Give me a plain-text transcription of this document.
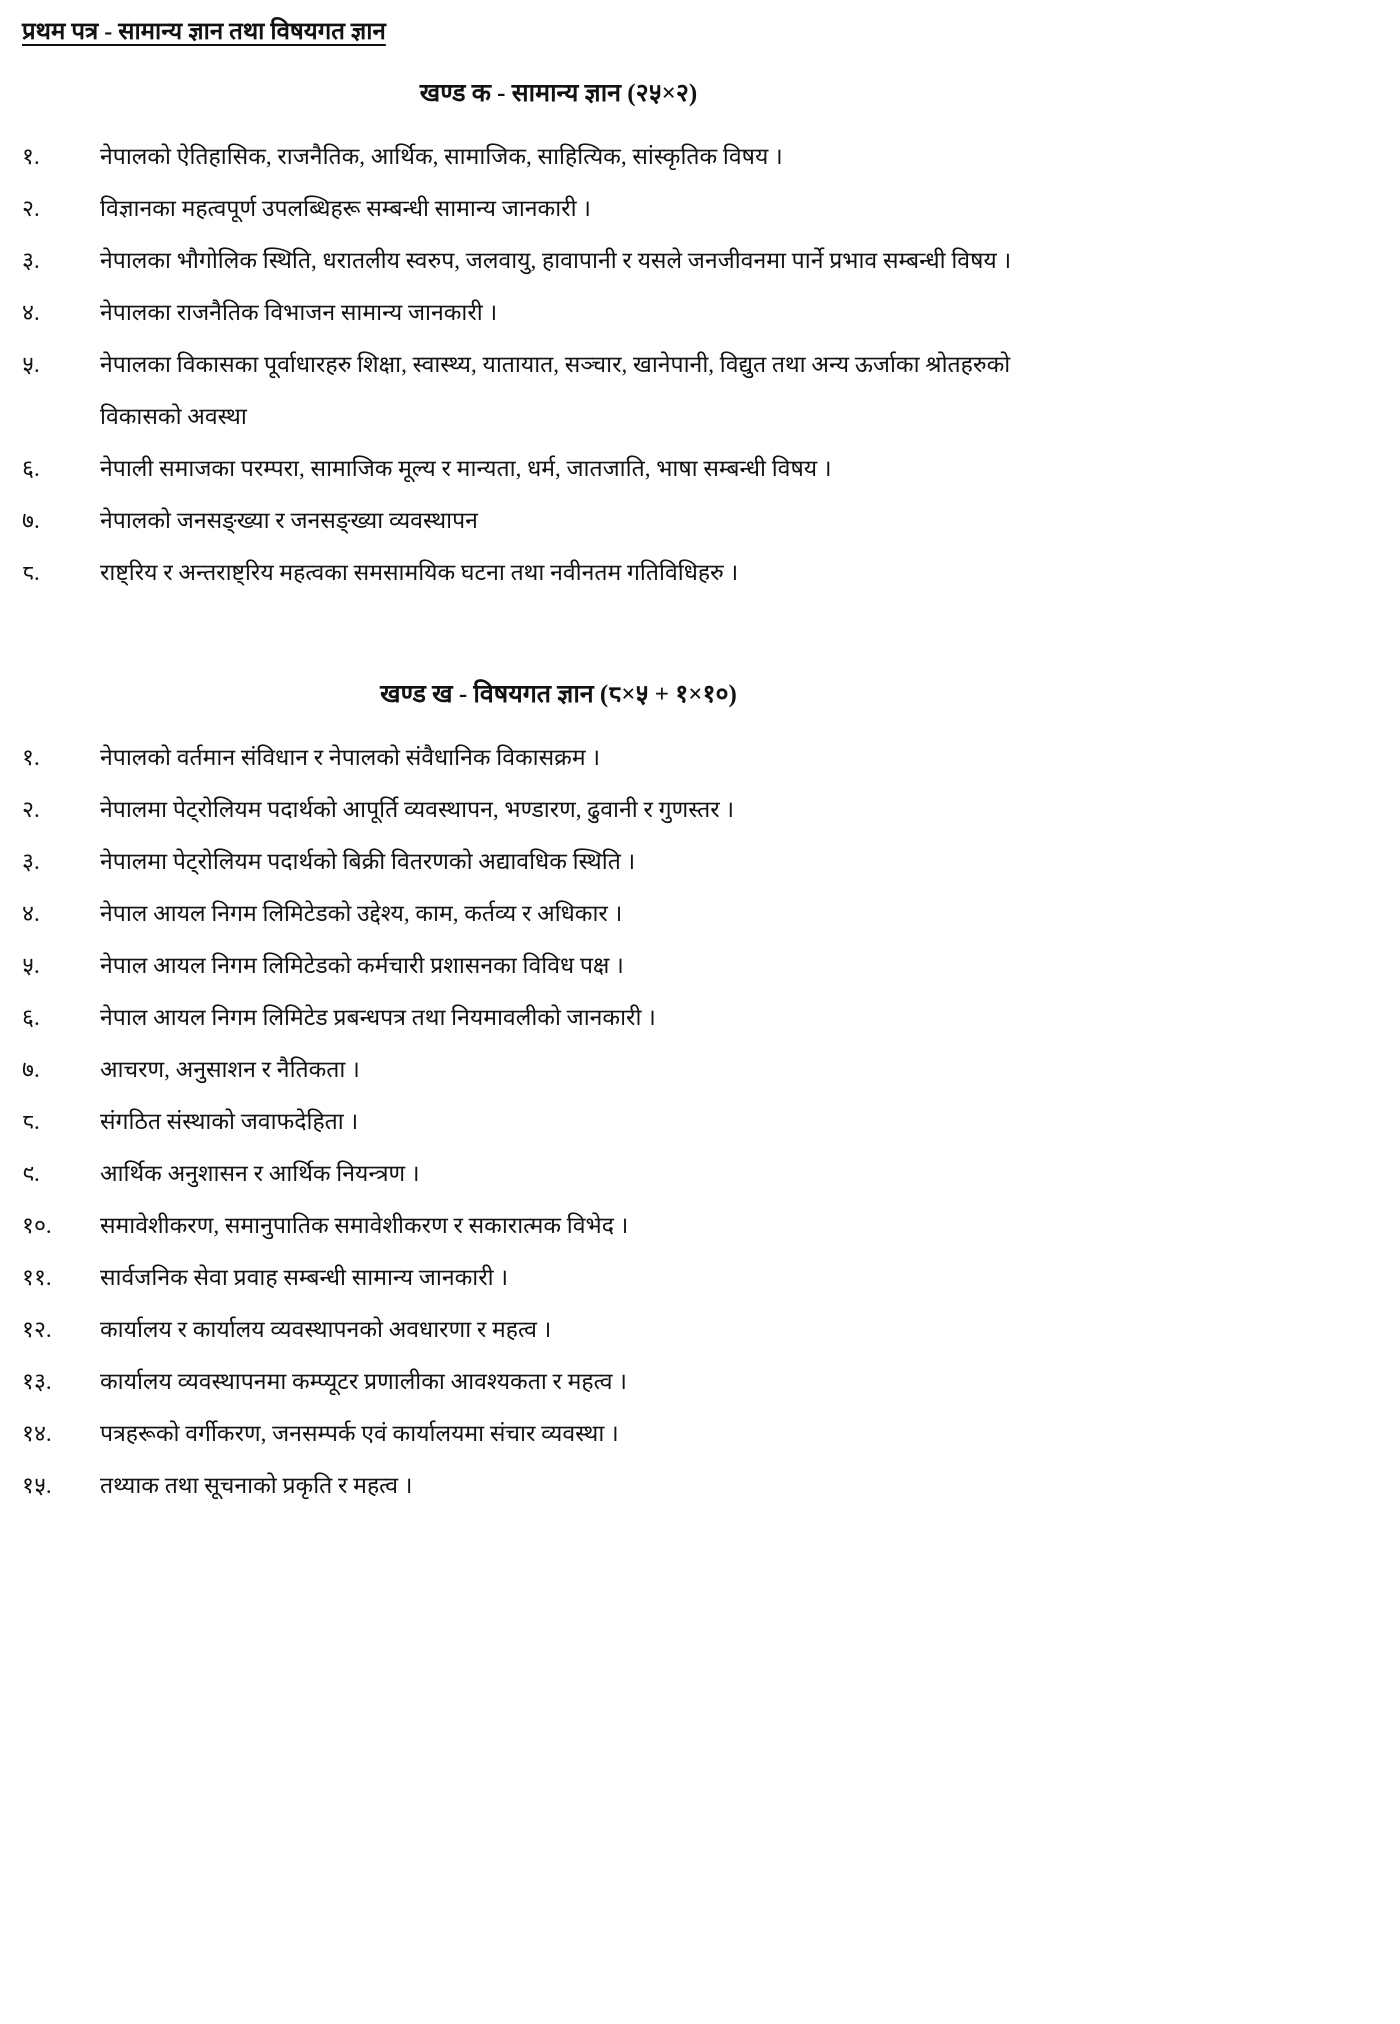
प्रथम पत्र - सामान्य ज्ञान तथा विषयगत ज्ञान
खण्ड क - सामान्य ज्ञान (२५×२)
१.	नेपालको ऐतिहासिक, राजनैतिक, आर्थिक, सामाजिक, साहित्यिक, सांस्कृतिक विषय ।
२.	विज्ञानका महत्वपूर्ण उपलब्धिहरू सम्बन्धी सामान्य जानकारी ।
३.	नेपालका भौगोलिक स्थिति, धरातलीय स्वरुप, जलवायु, हावापानी र यसले जनजीवनमा पार्ने प्रभाव सम्बन्धी विषय ।
४.	नेपालका राजनैतिक विभाजन सामान्य जानकारी ।
५.	नेपालका विकासका पूर्वाधारहरु शिक्षा, स्वास्थ्य, यातायात, सञ्चार, खानेपानी, विद्युत तथा अन्य ऊर्जाका श्रोतहरुको विकासको अवस्था
६.	नेपाली समाजका परम्परा, सामाजिक मूल्य र मान्यता, धर्म, जातजाति, भाषा सम्बन्धी विषय ।
७.	नेपालको जनसङ्ख्या र जनसङ्ख्या व्यवस्थापन
८.	राष्ट्रिय र अन्तराष्ट्रिय महत्वका समसामयिक घटना तथा नवीनतम गतिविधिहरु ।
खण्ड ख - विषयगत ज्ञान (८×५ + १×१०)
१.	नेपालको वर्तमान संविधान र नेपालको संवैधानिक विकासक्रम ।
२.	नेपालमा पेट्रोलियम पदार्थको आपूर्ति व्यवस्थापन, भण्डारण, ढुवानी र गुणस्तर ।
३.	नेपालमा पेट्रोलियम पदार्थको बिक्री वितरणको अद्यावधिक स्थिति ।
४.	नेपाल आयल निगम लिमिटेडको उद्देश्य, काम, कर्तव्य र अधिकार ।
५.	नेपाल आयल निगम लिमिटेडको कर्मचारी प्रशासनका विविध पक्ष ।
६.	नेपाल आयल निगम लिमिटेड प्रबन्धपत्र तथा नियमावलीको जानकारी ।
७.	आचरण, अनुसाशन र नैतिकता ।
८.	संगठित संस्थाको जवाफदेहिता ।
९.	आर्थिक अनुशासन र आर्थिक नियन्त्रण ।
१०.	समावेशीकरण, समानुपातिक समावेशीकरण र सकारात्मक विभेद ।
११.	सार्वजनिक सेवा प्रवाह सम्बन्धी सामान्य जानकारी ।
१२.	कार्यालय र कार्यालय व्यवस्थापनको अवधारणा र महत्व ।
१३.	कार्यालय व्यवस्थापनमा कम्प्यूटर प्रणालीका आवश्यकता र महत्व ।
१४.	पत्रहरूको वर्गीकरण, जनसम्पर्क एवं कार्यालयमा संचार व्यवस्था ।
१५.	तथ्याक तथा सूचनाको प्रकृति र महत्व ।
